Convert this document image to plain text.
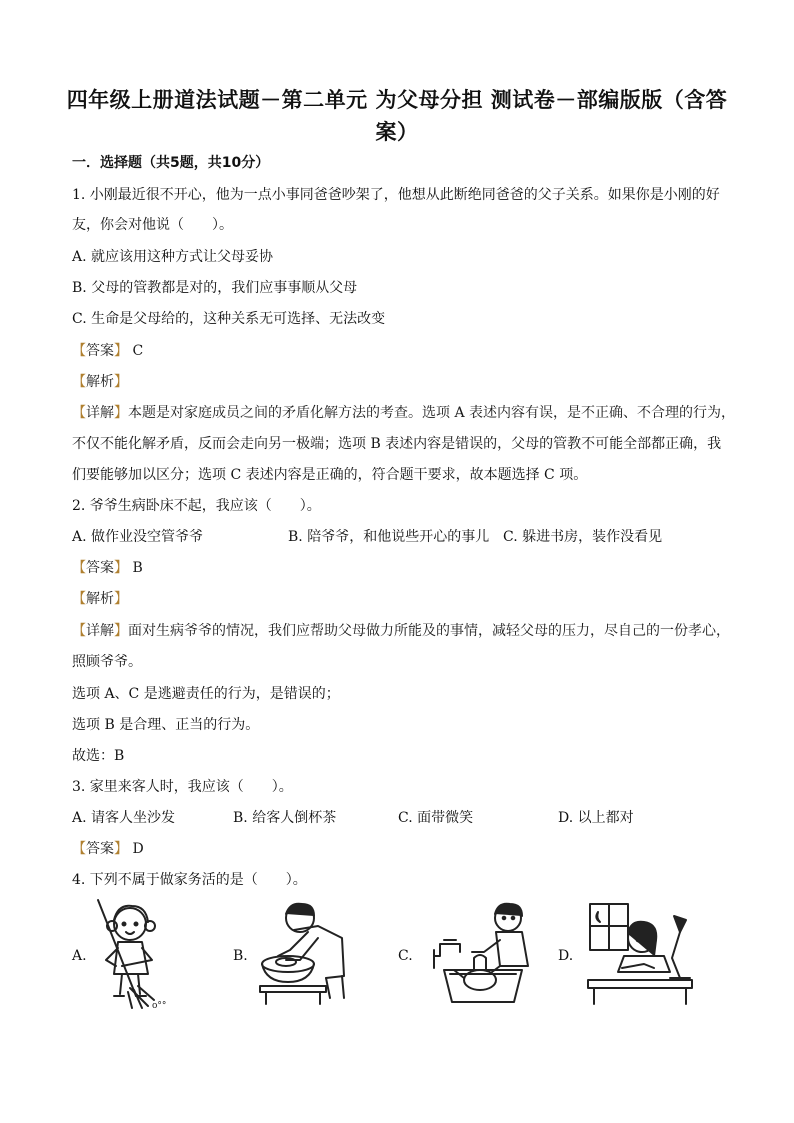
四年级上册道法试题－第二单元 为父母分担 测试卷－部编版版（含答
案）
一．选择题（共5题，共10分）
1. 小刚最近很不开心，他为一点小事同爸爸吵架了，他想从此断绝同爸爸的父子关系。如果你是小刚的好
友，你会对他说（　　）。
A. 就应该用这种方式让父母妥协
B. 父母的管教都是对的，我们应事事顺从父母
C. 生命是父母给的，这种关系无可选择、无法改变
【答案】 C
【解析】
【详解】本题是对家庭成员之间的矛盾化解方法的考查。选项 A 表述内容有误，是不正确、不合理的行为，
不仅不能化解矛盾，反而会走向另一极端；选项 B 表述内容是错误的，父母的管教不可能全部都正确，我
们要能够加以区分；选项 C 表述内容是正确的，符合题干要求，故本题选择 C 项。
2. 爷爷生病卧床不起，我应该（　　）。
A. 做作业没空管爷爷	B. 陪爷爷，和他说些开心的事儿 C. 躲进书房，装作没看见
【答案】 B
【解析】
【详解】面对生病爷爷的情况，我们应帮助父母做力所能及的事情，减轻父母的压力，尽自己的一份孝心，
照顾爷爷。
选项 A、C 是逃避责任的行为，是错误的；
选项 B 是合理、正当的行为。
故选：B
3. 家里来客人时，我应该（　　）。
A. 请客人坐沙发	B. 给客人倒杯茶	C. 面带微笑	D. 以上都对
【答案】 D
4. 下列不属于做家务活的是（　　）。
A.	B.	C.	D.
o°°
